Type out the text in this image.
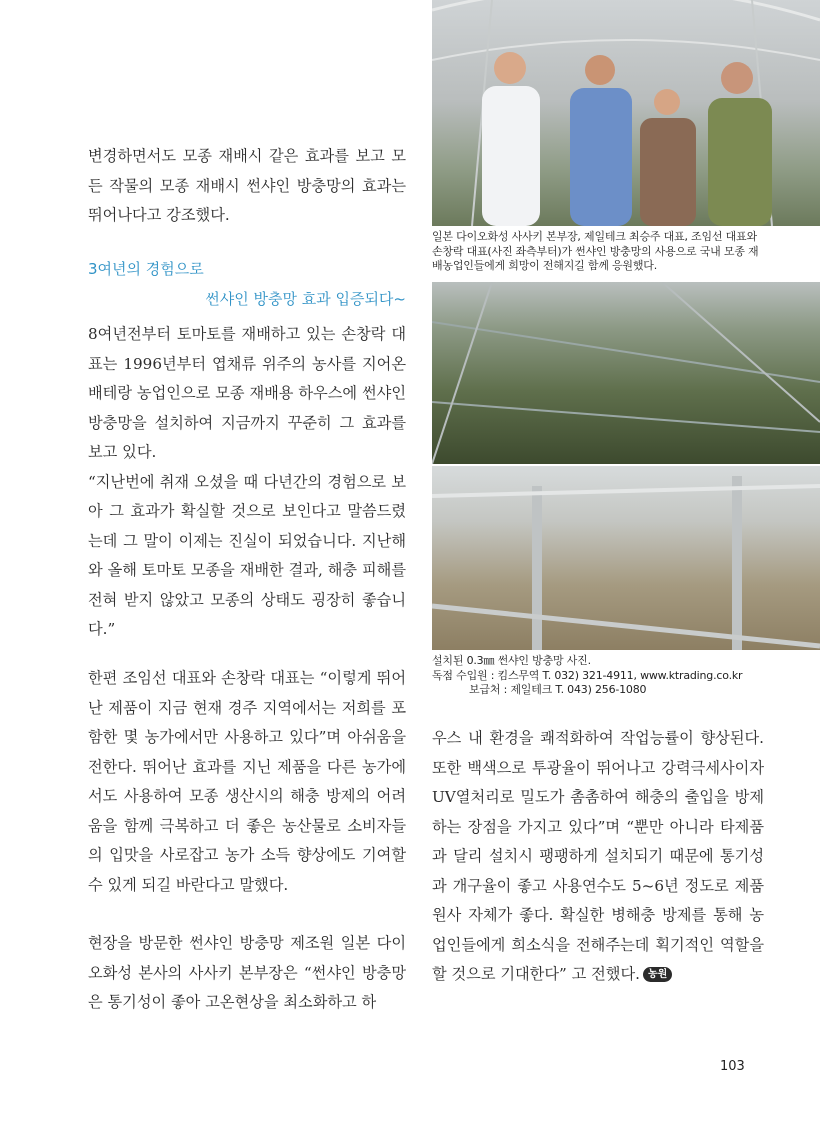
일본 다이오화성 사사키 본부장, 제일테크 최승주 대표, 조임선 대표와 손창락 대표(사진 좌측부터)가 썬샤인 방충망의 사용으로 국내 모종 재배농업인들에게 희망이 전해지길 함께 응원했다.
설치된 0.3㎜ 썬샤인 방충망 사진.
독점 수입원 : 킴스무역 T. 032) 321-4911, www.ktrading.co.kr
보급처 : 제일테크 T. 043) 256-1080

변경하면서도 모종 재배시 같은 효과를 보고 모든 작물의 모종 재배시 썬샤인 방충망의 효과는 뛰어나다고 강조했다.

3여년의 경험으로
썬샤인 방충망 효과 입증되다~

8여년전부터 토마토를 재배하고 있는 손창락 대표는 1996년부터 엽채류 위주의 농사를 지어온 배테랑 농업인으로 모종 재배용 하우스에 썬샤인 방충망을 설치하여 지금까지 꾸준히 그 효과를 보고 있다.

“지난번에 취재 오셨을 때 다년간의 경험으로 보아 그 효과가 확실할 것으로 보인다고 말씀드렸는데 그 말이 이제는 진실이 되었습니다. 지난해와 올해 토마토 모종을 재배한 결과, 해충 피해를 전혀 받지 않았고 모종의 상태도 굉장히 좋습니다.”

한편 조임선 대표와 손창락 대표는 “이렇게 뛰어난 제품이 지금 현재 경주 지역에서는 저희를 포함한 몇 농가에서만 사용하고 있다”며 아쉬움을 전한다. 뛰어난 효과를 지닌 제품을 다른 농가에서도 사용하여 모종 생산시의 해충 방제의 어려움을 함께 극복하고 더 좋은 농산물로 소비자들의 입맛을 사로잡고 농가 소득 향상에도 기여할 수 있게 되길 바란다고 말했다.

현장을 방문한 썬샤인 방충망 제조원 일본 다이오화성 본사의 사사키 본부장은 “썬샤인 방충망은 통기성이 좋아 고온현상을 최소화하고 하

우스 내 환경을 쾌적화하여 작업능률이 향상된다. 또한 백색으로 투광율이 뛰어나고 강력극세사이자 UV열처리로 밀도가 촘촘하여 해충의 출입을 방제하는 장점을 가지고 있다”며 “뿐만 아니라 타제품과 달리 설치시 팽팽하게 설치되기 때문에 통기성과 개구율이 좋고 사용연수도 5~6년 정도로 제품 원사 자체가 좋다. 확실한 병해충 방제를 통해 농업인들에게 희소식을 전해주는데 획기적인 역할을 할 것으로 기대한다” 고 전했다. 농원

103
